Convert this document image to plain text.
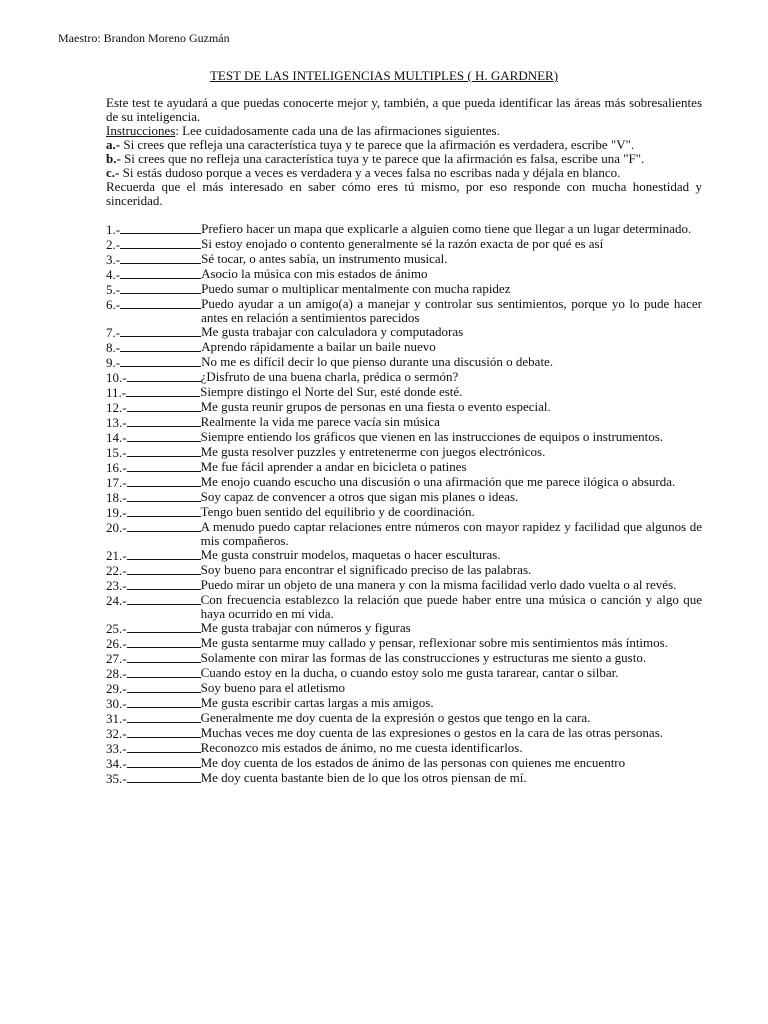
Maestro: Brandon Moreno Guzmán
TEST DE LAS INTELIGENCIAS MULTIPLES ( H. GARDNER)

Este test te ayudará a que puedas conocerte mejor y, también, a que pueda identificar las áreas más sobresalientes de su inteligencia.

Instrucciones: Lee cuidadosamente cada una de las afirmaciones siguientes.

a.- Si crees que refleja una característica tuya y te parece que la afirmación es verdadera, escribe "V".

b.- Si crees que no refleja una característica tuya y te parece que la afirmación es falsa, escribe una "F".

c.- Si estás dudoso porque a veces es verdadera y a veces falsa no escribas nada y déjala en blanco.

Recuerda que el más interesado en saber cómo eres tú mismo, por eso responde con mucha honestidad y sinceridad.

1.-	Prefiero hacer un mapa que explicarle a alguien como tiene que llegar a un lugar determinado.
2.-	Si estoy enojado o contento generalmente sé la razón exacta de por qué es así
3.-	Sé tocar, o antes sabía, un instrumento musical.
4.-	Asocio la música con mis estados de ánimo
5.-	Puedo sumar o multiplicar mentalmente con mucha rapidez
6.-	Puedo ayudar a un amigo(a) a manejar y controlar sus sentimientos, porque yo lo pude hacer antes en relación a sentimientos parecidos
7.-	Me gusta trabajar con calculadora y computadoras
8.-	Aprendo rápidamente a bailar un baile nuevo
9.-	No me es difícil decir lo que pienso durante una discusión o debate.
10.-	¿Disfruto de una buena charla, prédica o sermón?
11.-	Siempre distingo el Norte del Sur, esté donde esté.
12.-	Me gusta reunir grupos de personas en una fiesta o evento especial.
13.-	Realmente la vida me parece vacía sin música
14.-	Siempre entiendo los gráficos que vienen en las instrucciones de equipos o instrumentos.
15.-	Me gusta resolver puzzles y entretenerme con juegos electrónicos.
16.-	Me fue fácil aprender a andar en bicicleta o patines
17.-	Me enojo cuando escucho una discusión o una afirmación que me parece ilógica o absurda.
18.-	Soy capaz de convencer a otros que sigan mis planes o ideas.
19.-	Tengo buen sentido del equilibrio y de coordinación.
20.-	A menudo puedo captar relaciones entre números con mayor rapidez y facilidad que algunos de mis compañeros.
21.-	Me gusta construir modelos, maquetas o hacer esculturas.
22.-	Soy bueno para encontrar el significado preciso de las palabras.
23.-	Puedo mirar un objeto de una manera y con la misma facilidad verlo dado vuelta o al revés.
24.-	Con frecuencia establezco la relación que puede haber entre una música o canción y algo que haya ocurrido en mi vida.
25.-	Me gusta trabajar con números y figuras
26.-	Me gusta sentarme muy callado y pensar, reflexionar sobre mis sentimientos más íntimos.
27.-	Solamente con mirar las formas de las construcciones y estructuras me siento a gusto.
28.-	Cuando estoy en la ducha, o cuando estoy solo me gusta tararear, cantar o silbar.
29.-	Soy bueno para el atletismo
30.-	Me gusta escribir cartas largas a mis amigos.
31.-	Generalmente me doy cuenta de la expresión o gestos que tengo en la cara.
32.-	Muchas veces me doy cuenta de las expresiones o gestos en la cara de las otras personas.
33.-	Reconozco mis estados de ánimo, no me cuesta identificarlos.
34.-	Me doy cuenta de los estados de ánimo de las personas con quienes me encuentro
35.-	Me doy cuenta bastante bien de lo que los otros piensan de mí.
